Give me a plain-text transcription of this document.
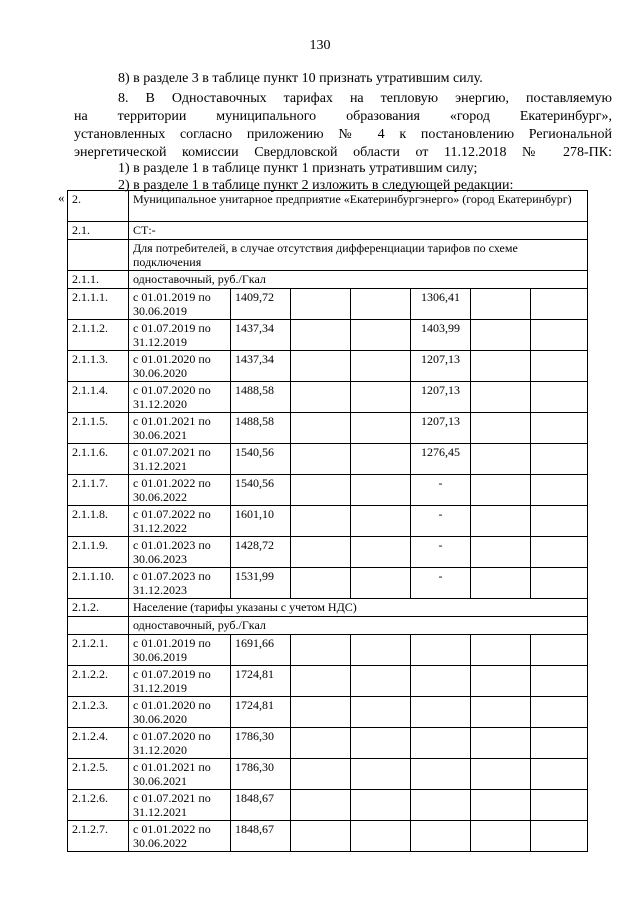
130
8) в разделе 3 в таблице пункт 10 признать утратившим силу.
8. В Одноставочных тарифах на тепловую энергию, поставляемую
на территории муниципального образования «город Екатеринбург»,
установленных согласно приложению № 4 к постановлению Региональной
энергетической комиссии Свердловской области от 11.12.2018 № 278-ПК:
1) в разделе 1 в таблице пункт 1 признать утратившим силу;
2) в разделе 1 в таблице пункт 2 изложить в следующей редакции:
« 2.	Муниципальное унитарное предприятие «Екатеринбургэнерго» (город Екатеринбург)						
2.1.	СТ:-						
	Для потребителей, в случае отсутствия дифференциации тарифов по схеме подключения						
2.1.1.	одноставочный, руб./Гкал						
2.1.1.1.	с 01.01.2019 по 30.06.2019	1409,72			1306,41		
2.1.1.2.	с 01.07.2019 по 31.12.2019	1437,34			1403,99		
2.1.1.3.	с 01.01.2020 по 30.06.2020	1437,34			1207,13		
2.1.1.4.	с 01.07.2020 по 31.12.2020	1488,58			1207,13		
2.1.1.5.	с 01.01.2021 по 30.06.2021	1488,58			1207,13		
2.1.1.6.	с 01.07.2021 по 31.12.2021	1540,56			1276,45		
2.1.1.7.	с 01.01.2022 по 30.06.2022	1540,56			-		
2.1.1.8.	с 01.07.2022 по 31.12.2022	1601,10			-		
2.1.1.9.	с 01.01.2023 по 30.06.2023	1428,72			-		
2.1.1.10.	с 01.07.2023 по 31.12.2023	1531,99			-		
2.1.2.	Население (тарифы указаны с учетом НДС)						
	одноставочный, руб./Гкал						
2.1.2.1.	с 01.01.2019 по 30.06.2019	1691,66					
2.1.2.2.	с 01.07.2019 по 31.12.2019	1724,81					
2.1.2.3.	с 01.01.2020 по 30.06.2020	1724,81					
2.1.2.4.	с 01.07.2020 по 31.12.2020	1786,30					
2.1.2.5.	с 01.01.2021 по 30.06.2021	1786,30					
2.1.2.6.	с 01.07.2021 по 31.12.2021	1848,67					
2.1.2.7.	с 01.01.2022 по 30.06.2022	1848,67					
